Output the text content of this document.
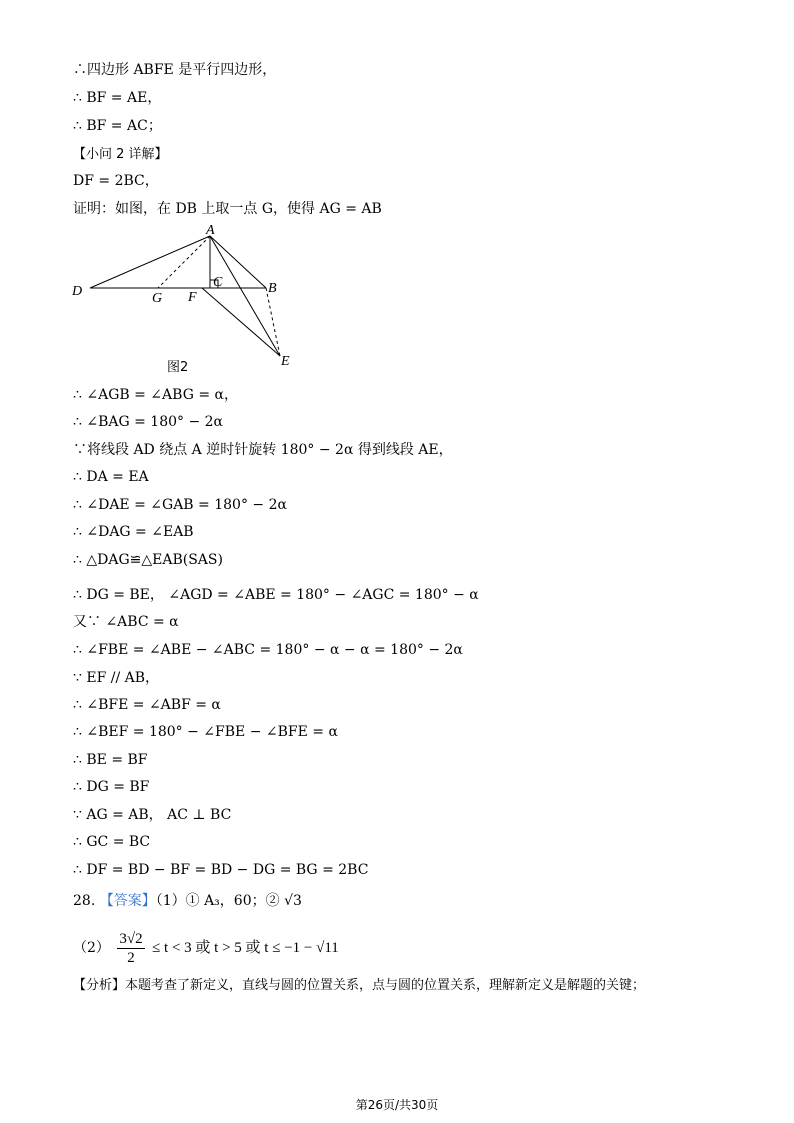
∴四边形 ABFE 是平行四边形，
∴ BF = AE，
∴ BF = AC；
【小问 2 详解】
DF = 2BC，
证明：如图，在 DB 上取一点 G，使得 AG = AB
A
B
C
D
E
F
G
图2
∴ ∠AGB = ∠ABG = α，
∴ ∠BAG = 180° − 2α
∵将线段 AD 绕点 A 逆时针旋转 180° − 2α 得到线段 AE，
∴ DA = EA
∴ ∠DAE = ∠GAB = 180° − 2α
∴ ∠DAG = ∠EAB
∴ △DAG≌△EAB(SAS)
∴ DG = BE， ∠AGD = ∠ABE = 180° − ∠AGC = 180° − α
又∵ ∠ABC = α
∴ ∠FBE = ∠ABE − ∠ABC = 180° − α − α = 180° − 2α
∵ EF // AB，
∴ ∠BFE = ∠ABF = α
∴ ∠BEF = 180° − ∠FBE − ∠BFE = α
∴ BE = BF
∴ DG = BF
∵ AG = AB， AC ⊥ BC
∴ GC = BC
∴ DF = BD − BF = BD − DG = BG = 2BC
28. 【答案】（1）① A₃，60；② √3
$(2) \frac{3√2}{2} \le t < 3$ 或 t > 5 或 t ≤ −1 − √11
【分析】本题考查了新定义，直线与圆的位置关系，点与圆的位置关系，理解新定义是解题的关键；
第26页/共30页
